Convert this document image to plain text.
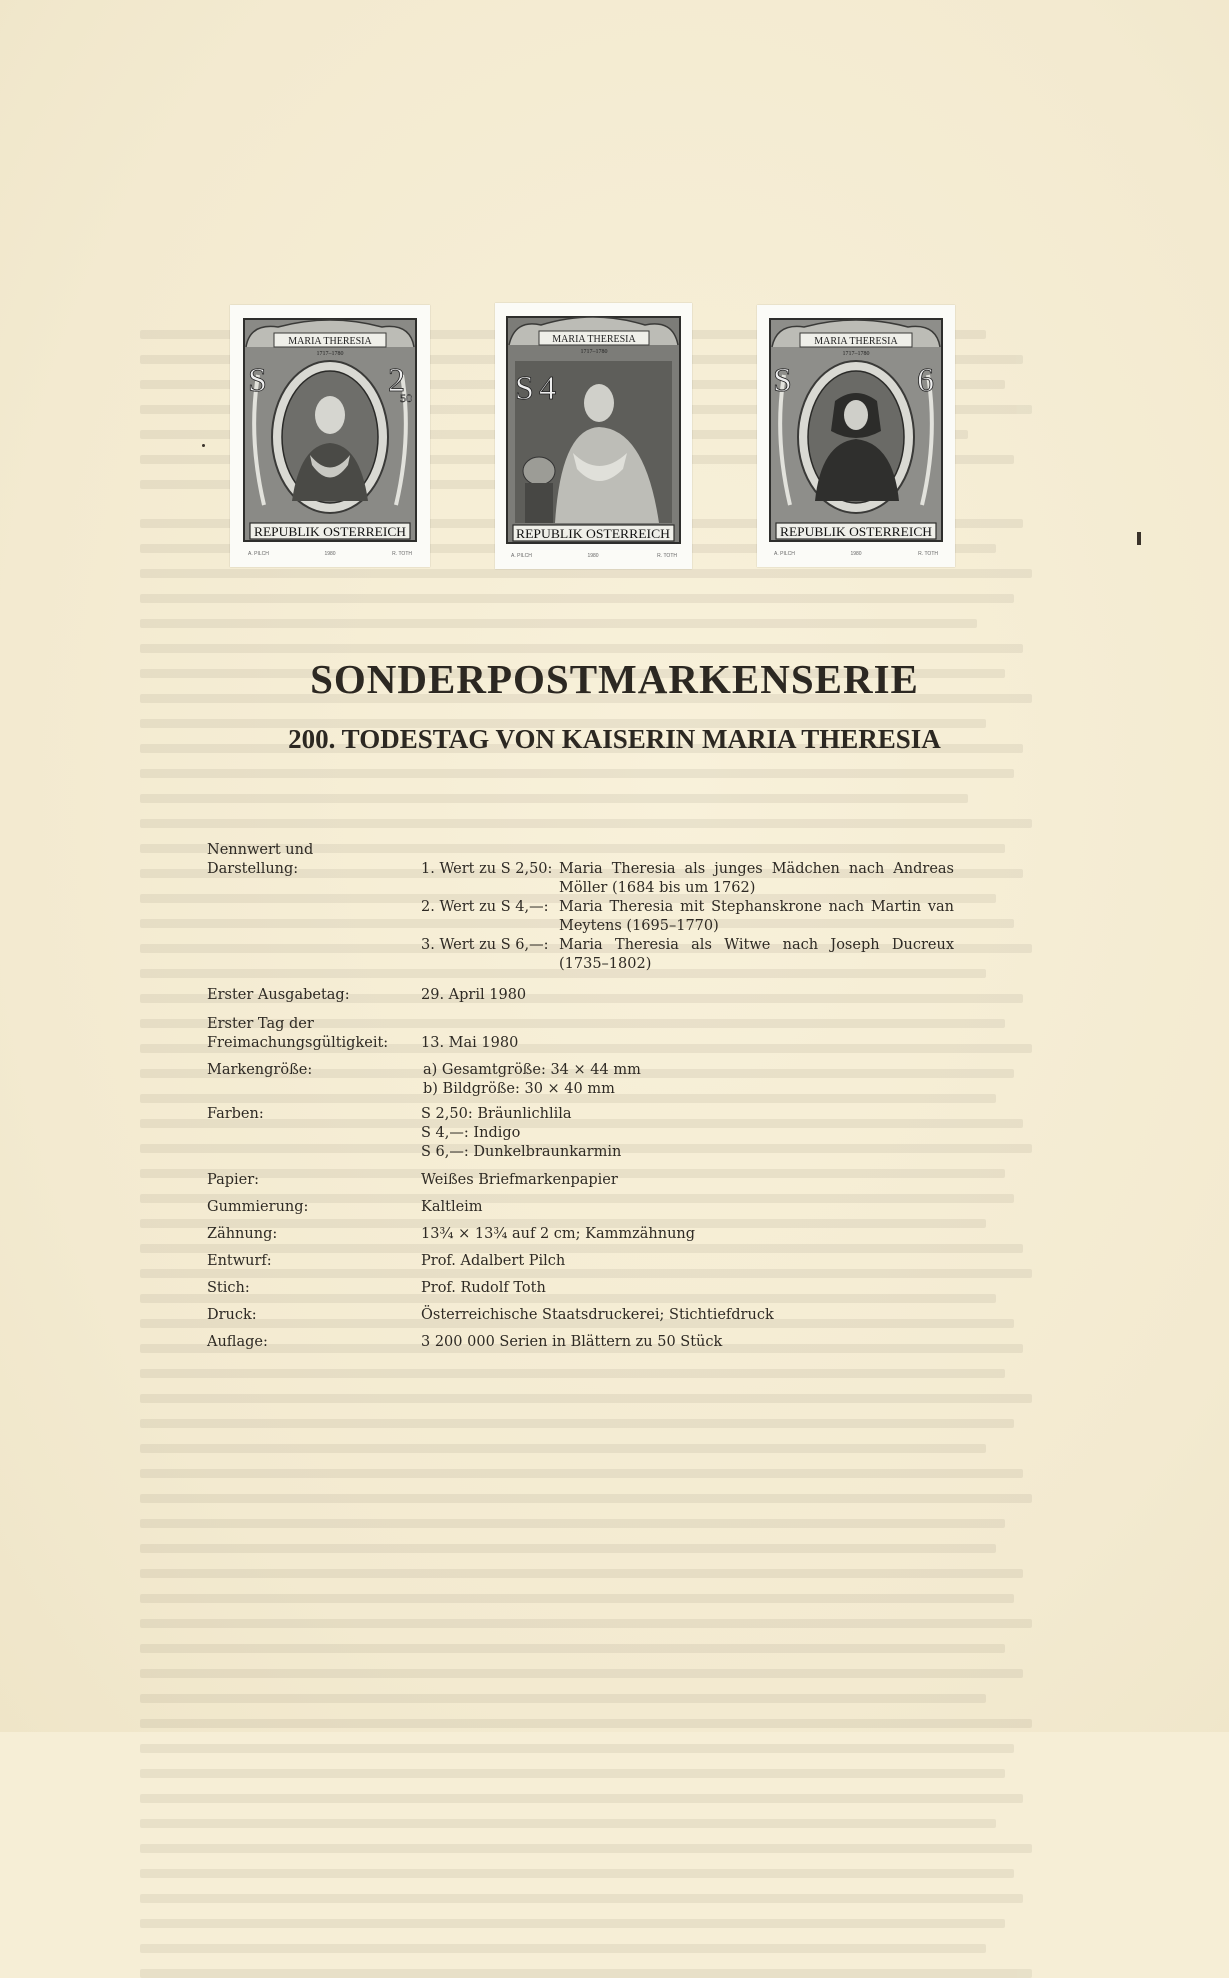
MARIA THERESIA
1717–1780
S	2
50
REPUBLIK OSTERREICH
A. PILCH	1980	R. TOTH
MARIA THERESIA
1717–1780
S 4
REPUBLIK OSTERREICH
A. PILCH	1980	R. TOTH
MARIA THERESIA
1717–1780
S	6
REPUBLIK OSTERREICH
A. PILCH	1980	R. TOTH
SONDERPOSTMARKENSERIE
200. TODESTAG VON KAISERIN MARIA THERESIA
Nennwert und
Darstellung:	1. Wert zu S 2,50: Maria Theresia als junges Mädchen nach Andreas
Möller (1684 bis um 1762)
2. Wert zu S 4,—: Maria Theresia mit Stephanskrone nach Martin van
Meytens (1695–1770)
3. Wert zu S 6,—: Maria Theresia als Witwe nach Joseph Ducreux
(1735–1802)
Erster Ausgabetag:	29. April 1980
Erster Tag der
Freimachungsgültigkeit:	13. Mai 1980
Markengröße:	a) Gesamtgröße: 34 × 44 mm
b) Bildgröße: 30 × 40 mm
Farben:	S 2,50: Bräunlichlila
S 4,—: Indigo
S 6,—: Dunkelbraunkarmin
Papier:	Weißes Briefmarkenpapier
Gummierung:	Kaltleim
Zähnung:	13¾ × 13¾ auf 2 cm; Kammzähnung
Entwurf:	Prof. Adalbert Pilch
Stich:	Prof. Rudolf Toth
Druck:	Österreichische Staatsdruckerei; Stichtiefdruck
Auflage:	3 200 000 Serien in Blättern zu 50 Stück
